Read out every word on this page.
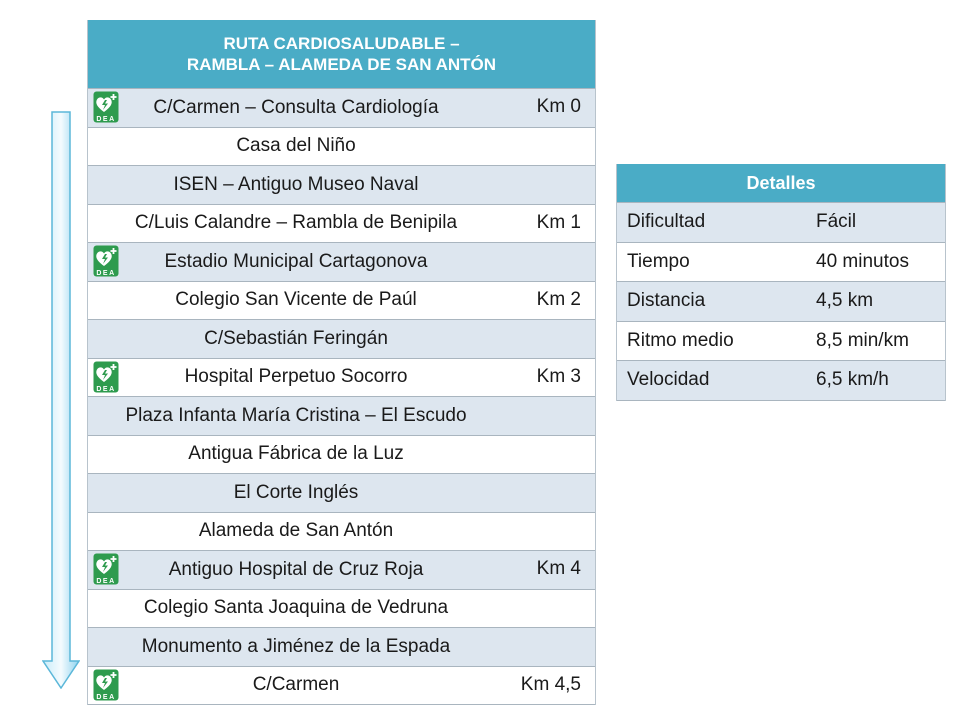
RUTA CARDIOSALUDABLE –
RAMBLA – ALAMEDA DE SAN ANTÓN
DEA
C/Carmen – Consulta Cardiología	Km 0
Casa del Niño
ISEN – Antiguo Museo Naval
C/Luis Calandre – Rambla de Benipila	Km 1
DEA
Estadio Municipal Cartagonova
Colegio San Vicente de Paúl	Km 2
C/Sebastián Feringán
DEA
Hospital Perpetuo Socorro	Km 3
Plaza Infanta María Cristina – El Escudo
Antigua Fábrica de la Luz
El Corte Inglés
Alameda de San Antón
DEA
Antiguo Hospital de Cruz Roja	Km 4
Colegio Santa Joaquina de Vedruna
Monumento a Jiménez de la Espada
DEA
C/Carmen	Km 4,5
Detalles
Dificultad	Fácil
Tiempo	40 minutos
Distancia	4,5 km
Ritmo medio	8,5 min/km
Velocidad	6,5 km/h
